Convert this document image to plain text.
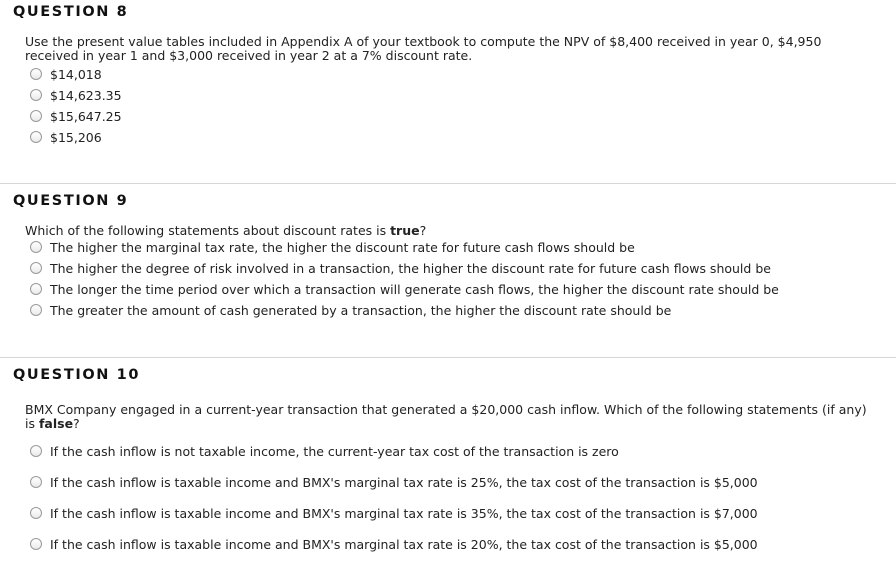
QUESTION 8
Use the present value tables included in Appendix A of your textbook to compute the NPV of $8,400 received in year 0, $4,950 received in year 1 and $3,000 received in year 2 at a 7% discount rate.
$14,018
$14,623.35
$15,647.25
$15,206
QUESTION 9
Which of the following statements about discount rates is true?
The higher the marginal tax rate, the higher the discount rate for future cash flows should be
The higher the degree of risk involved in a transaction, the higher the discount rate for future cash flows should be
The longer the time period over which a transaction will generate cash flows, the higher the discount rate should be
The greater the amount of cash generated by a transaction, the higher the discount rate should be
QUESTION 10
BMX Company engaged in a current-year transaction that generated a $20,000 cash inflow. Which of the following statements (if any) is false?
If the cash inflow is not taxable income, the current-year tax cost of the transaction is zero
If the cash inflow is taxable income and BMX's marginal tax rate is 25%, the tax cost of the transaction is $5,000
If the cash inflow is taxable income and BMX's marginal tax rate is 35%, the tax cost of the transaction is $7,000
If the cash inflow is taxable income and BMX's marginal tax rate is 20%, the tax cost of the transaction is $5,000
